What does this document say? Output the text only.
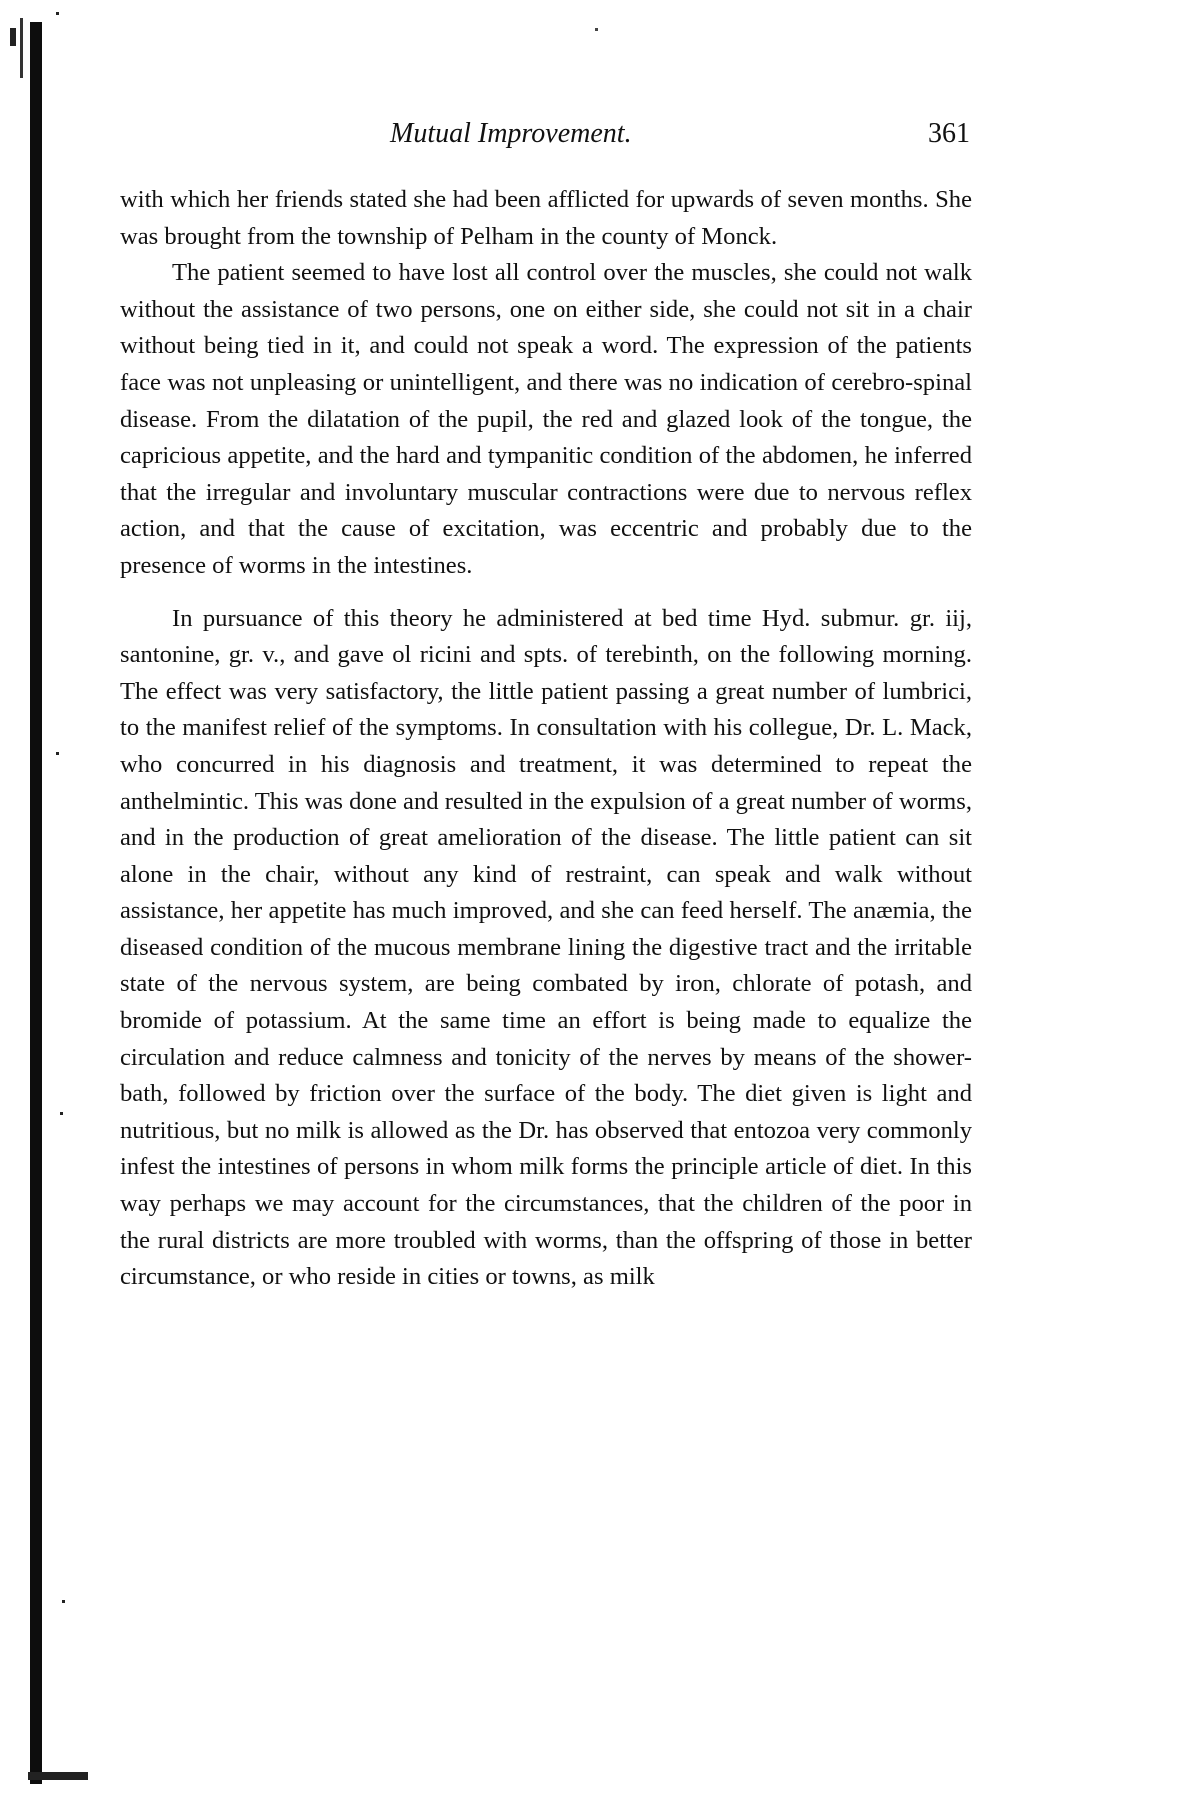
Mutual Improvement.	361

with which her friends stated she had been afflicted for upwards of seven months. She was brought from the township of Pelham in the county of Monck.

The patient seemed to have lost all control over the muscles, she could not walk without the assistance of two persons, one on either side, she could not sit in a chair without being tied in it, and could not speak a word. The expression of the patients face was not unpleasing or unintelligent, and there was no indication of cerebro-spinal disease. From the dilatation of the pupil, the red and glazed look of the tongue, the capricious appetite, and the hard and tympanitic condition of the abdomen, he inferred that the irregular and involuntary muscular contractions were due to nervous reflex action, and that the cause of excitation, was eccentric and probably due to the presence of worms in the intestines.

In pursuance of this theory he administered at bed time Hyd. submur. gr. iij, santonine, gr. v., and gave ol ricini and spts. of terebinth, on the following morning. The effect was very satisfactory, the little patient passing a great number of lumbrici, to the manifest relief of the symptoms. In consultation with his collegue, Dr. L. Mack, who concurred in his diagnosis and treatment, it was determined to repeat the anthelmintic. This was done and resulted in the expulsion of a great number of worms, and in the production of great amelioration of the disease. The little patient can sit alone in the chair, without any kind of restraint, can speak and walk without assistance, her appetite has much improved, and she can feed herself. The anæmia, the diseased condition of the mucous membrane lining the digestive tract and the irritable state of the nervous system, are being combated by iron, chlorate of potash, and bromide of potassium. At the same time an effort is being made to equalize the circulation and reduce calmness and tonicity of the nerves by means of the shower-bath, followed by friction over the surface of the body. The diet given is light and nutritious, but no milk is allowed as the Dr. has observed that entozoa very commonly infest the intestines of persons in whom milk forms the principle article of diet. In this way perhaps we may account for the circumstances, that the children of the poor in the rural districts are more troubled with worms, than the offspring of those in better circumstance, or who reside in cities or towns, as milk
